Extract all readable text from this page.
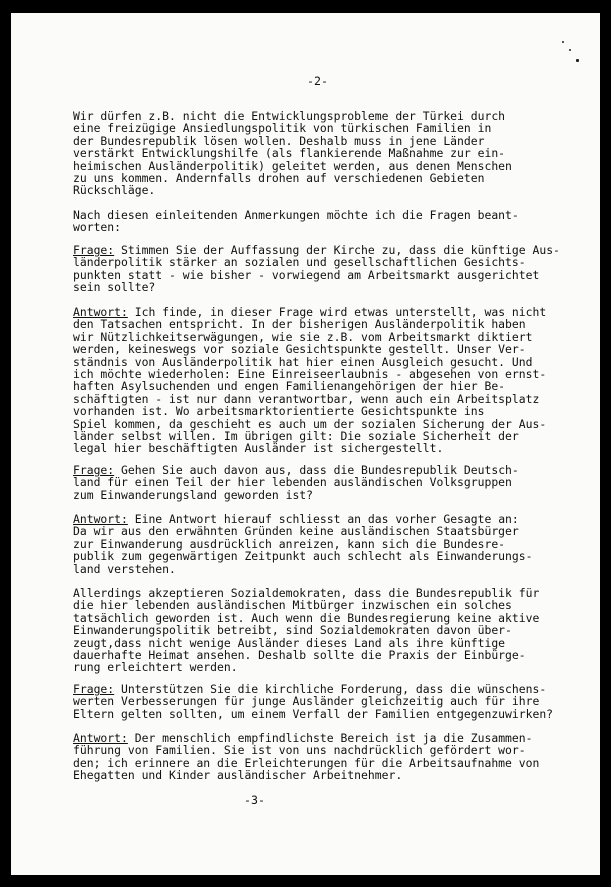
-2-
Wir dürfen z.B. nicht die Entwicklungsprobleme der Türkei durch
eine freizügige Ansiedlungspolitik von türkischen Familien in
der Bundesrepublik lösen wollen. Deshalb muss in jene Länder
verstärkt Entwicklungshilfe (als flankierende Maßnahme zur ein-
heimischen Ausländerpolitik) geleitet werden, aus denen Menschen
zu uns kommen. Andernfalls drohen auf verschiedenen Gebieten
Rückschläge.
Nach diesen einleitenden Anmerkungen möchte ich die Fragen beant-
worten:
Frage: Stimmen Sie der Auffassung der Kirche zu, dass die künftige Aus-
länderpolitik stärker an sozialen und gesellschaftlichen Gesichts-
punkten statt - wie bisher - vorwiegend am Arbeitsmarkt ausgerichtet
sein sollte?
Antwort: Ich finde, in dieser Frage wird etwas unterstellt, was nicht
den Tatsachen entspricht. In der bisherigen Ausländerpolitik haben
wir Nützlichkeitserwägungen, wie sie z.B. vom Arbeitsmarkt diktiert
werden, keineswegs vor soziale Gesichtspunkte gestellt. Unser Ver-
ständnis von Ausländerpolitik hat hier einen Ausgleich gesucht. Und
ich möchte wiederholen: Eine Einreiseerlaubnis - abgesehen von ernst-
haften Asylsuchenden und engen Familienangehörigen der hier Be-
schäftigten - ist nur dann verantwortbar, wenn auch ein Arbeitsplatz
vorhanden ist. Wo arbeitsmarktorientierte Gesichtspunkte ins
Spiel kommen, da geschieht es auch um der sozialen Sicherung der Aus-
länder selbst willen. Im übrigen gilt: Die soziale Sicherheit der
legal hier beschäftigten Ausländer ist sichergestellt.
Frage: Gehen Sie auch davon aus, dass die Bundesrepublik Deutsch-
land für einen Teil der hier lebenden ausländischen Volksgruppen
zum Einwanderungsland geworden ist?
Antwort: Eine Antwort hierauf schliesst an das vorher Gesagte an:
Da wir aus den erwähnten Gründen keine ausländischen Staatsbürger
zur Einwanderung ausdrücklich anreizen, kann sich die Bundesre-
publik zum gegenwärtigen Zeitpunkt auch schlecht als Einwanderungs-
land verstehen.
Allerdings akzeptieren Sozialdemokraten, dass die Bundesrepublik für
die hier lebenden ausländischen Mitbürger inzwischen ein solches
tatsächlich geworden ist. Auch wenn die Bundesregierung keine aktive
Einwanderungspolitik betreibt, sind Sozialdemokraten davon über-
zeugt,dass nicht wenige Ausländer dieses Land als ihre künftige
dauerhafte Heimat ansehen. Deshalb sollte die Praxis der Einbürge-
rung erleichtert werden.
Frage: Unterstützen Sie die kirchliche Forderung, dass die wünschens-
werten Verbesserungen für junge Ausländer gleichzeitig auch für ihre
Eltern gelten sollten, um einem Verfall der Familien entgegenzuwirken?
Antwort: Der menschlich empfindlichste Bereich ist ja die Zusammen-
führung von Familien. Sie ist von uns nachdrücklich gefördert wor-
den; ich erinnere an die Erleichterungen für die Arbeitsaufnahme von
Ehegatten und Kinder ausländischer Arbeitnehmer.
-3-
